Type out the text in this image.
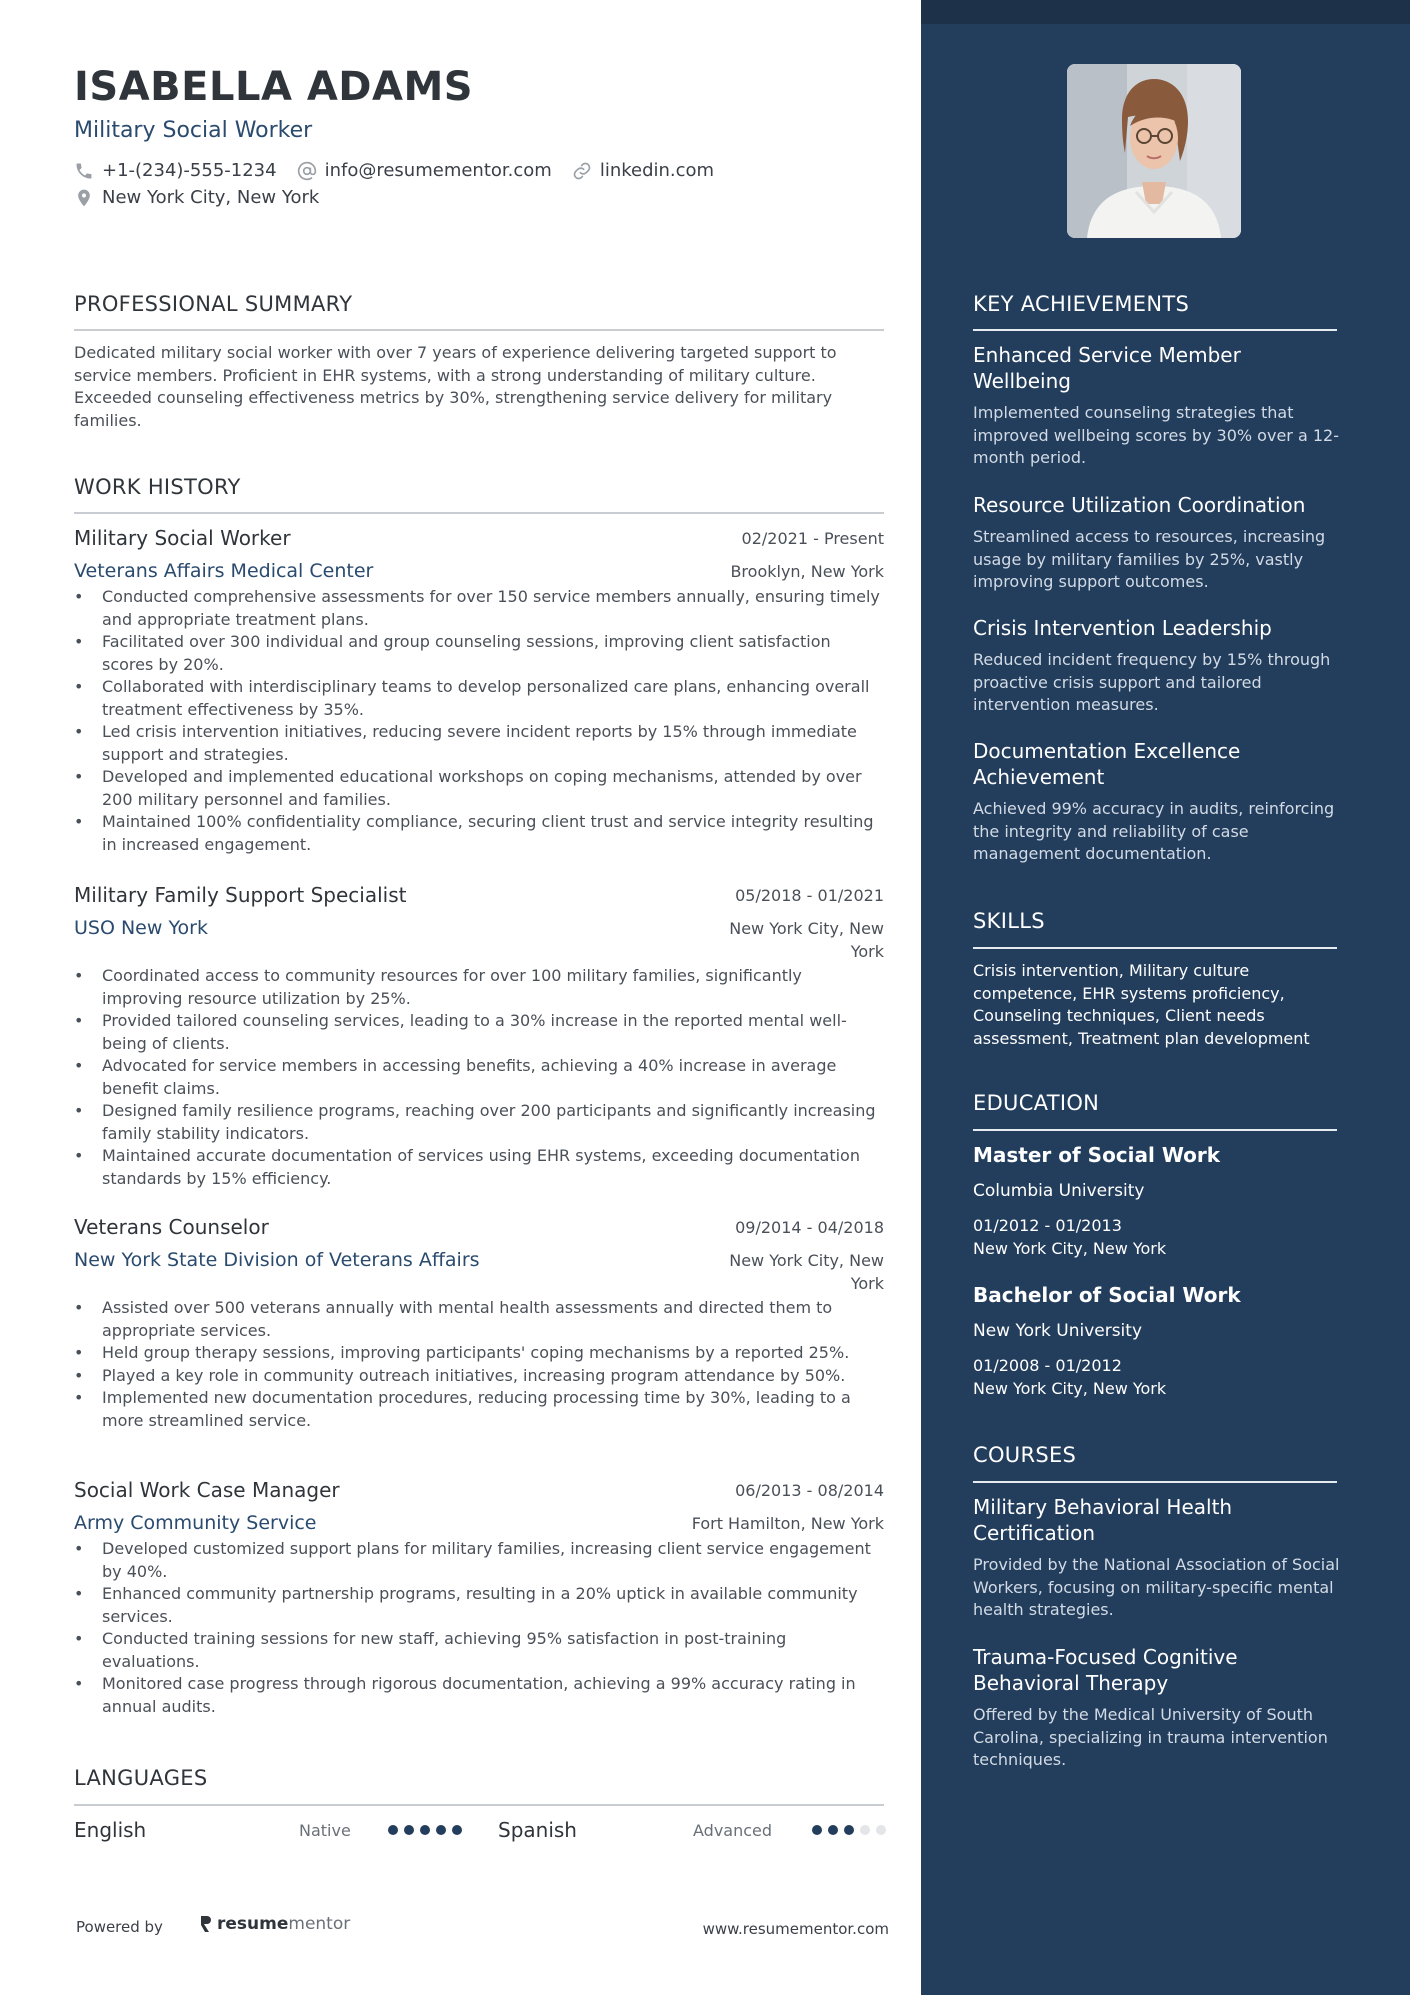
ISABELLA ADAMS
Military Social Worker
+1-(234)-555-1234	info@resumementor.com	linkedin.com
New York City, New York
PROFESSIONAL SUMMARY
Dedicated military social worker with over 7 years of experience delivering targeted support to service members. Proficient in EHR systems, with a strong understanding of military culture. Exceeded counseling effectiveness metrics by 30%, strengthening service delivery for military families.
WORK HISTORY
Military Social Worker	02/2021 - Present
Veterans Affairs Medical Center	Brooklyn, New York
• Conducted comprehensive assessments for over 150 service members annually, ensuring timely and appropriate treatment plans.
• Facilitated over 300 individual and group counseling sessions, improving client satisfaction scores by 20%.
• Collaborated with interdisciplinary teams to develop personalized care plans, enhancing overall treatment effectiveness by 35%.
• Led crisis intervention initiatives, reducing severe incident reports by 15% through immediate support and strategies.
• Developed and implemented educational workshops on coping mechanisms, attended by over 200 military personnel and families.
• Maintained 100% confidentiality compliance, securing client trust and service integrity resulting in increased engagement.
Military Family Support Specialist	05/2018 - 01/2021
USO New York	New York City, New York
• Coordinated access to community resources for over 100 military families, significantly improving resource utilization by 25%.
• Provided tailored counseling services, leading to a 30% increase in the reported mental well-being of clients.
• Advocated for service members in accessing benefits, achieving a 40% increase in average benefit claims.
• Designed family resilience programs, reaching over 200 participants and significantly increasing family stability indicators.
• Maintained accurate documentation of services using EHR systems, exceeding documentation standards by 15% efficiency.
Veterans Counselor	09/2014 - 04/2018
New York State Division of Veterans Affairs	New York City, New York
• Assisted over 500 veterans annually with mental health assessments and directed them to appropriate services.
• Held group therapy sessions, improving participants' coping mechanisms by a reported 25%.
• Played a key role in community outreach initiatives, increasing program attendance by 50%.
• Implemented new documentation procedures, reducing processing time by 30%, leading to a more streamlined service.
Social Work Case Manager	06/2013 - 08/2014
Army Community Service	Fort Hamilton, New York
• Developed customized support plans for military families, increasing client service engagement by 40%.
• Enhanced community partnership programs, resulting in a 20% uptick in available community services.
• Conducted training sessions for new staff, achieving 95% satisfaction in post-training evaluations.
• Monitored case progress through rigorous documentation, achieving a 99% accuracy rating in annual audits.
LANGUAGES
English	Native	Spanish	Advanced
Powered by	resume mentor	www.resumementor.com
KEY ACHIEVEMENTS
Enhanced Service Member Wellbeing
Implemented counseling strategies that improved wellbeing scores by 30% over a 12-month period.
Resource Utilization Coordination
Streamlined access to resources, increasing usage by military families by 25%, vastly improving support outcomes.
Crisis Intervention Leadership
Reduced incident frequency by 15% through proactive crisis support and tailored intervention measures.
Documentation Excellence Achievement
Achieved 99% accuracy in audits, reinforcing the integrity and reliability of case management documentation.
SKILLS
Crisis intervention, Military culture competence, EHR systems proficiency, Counseling techniques, Client needs assessment, Treatment plan development
EDUCATION
Master of Social Work
Columbia University
01/2012 - 01/2013
New York City, New York
Bachelor of Social Work
New York University
01/2008 - 01/2012
New York City, New York
COURSES
Military Behavioral Health Certification
Provided by the National Association of Social Workers, focusing on military-specific mental health strategies.
Trauma-Focused Cognitive Behavioral Therapy
Offered by the Medical University of South Carolina, specializing in trauma intervention techniques.
